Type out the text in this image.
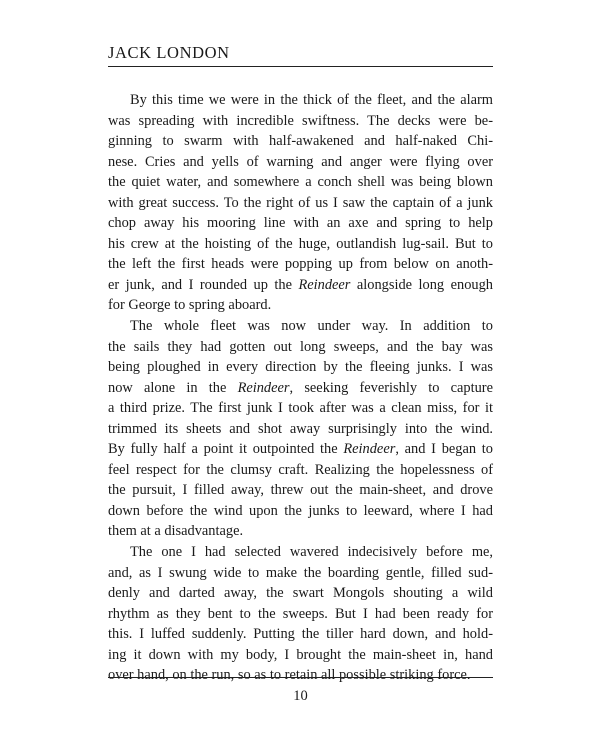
JACK LONDON
By this time we were in the thick of the fleet, and the alarm
was spreading with incredible swiftness. The decks were be-
ginning to swarm with half-awakened and half-naked Chi-
nese. Cries and yells of warning and anger were flying over
the quiet water, and somewhere a conch shell was being blown
with great success. To the right of us I saw the captain of a junk
chop away his mooring line with an axe and spring to help
his crew at the hoisting of the huge, outlandish lug-sail. But to
the left the first heads were popping up from below on anoth-
er junk, and I rounded up the Reindeer alongside long enough
for George to spring aboard.
The whole fleet was now under way. In addition to
the sails they had gotten out long sweeps, and the bay was
being ploughed in every direction by the fleeing junks. I was
now alone in the Reindeer, seeking feverishly to capture
a third prize. The first junk I took after was a clean miss, for it
trimmed its sheets and shot away surprisingly into the wind.
By fully half a point it outpointed the Reindeer, and I began to
feel respect for the clumsy craft. Realizing the hopelessness of
the pursuit, I filled away, threw out the main-sheet, and drove
down before the wind upon the junks to leeward, where I had
them at a disadvantage.
The one I had selected wavered indecisively before me,
and, as I swung wide to make the boarding gentle, filled sud-
denly and darted away, the swart Mongols shouting a wild
rhythm as they bent to the sweeps. But I had been ready for
this. I luffed suddenly. Putting the tiller hard down, and hold-
ing it down with my body, I brought the main-sheet in, hand
over hand, on the run, so as to retain all possible striking force.
10
